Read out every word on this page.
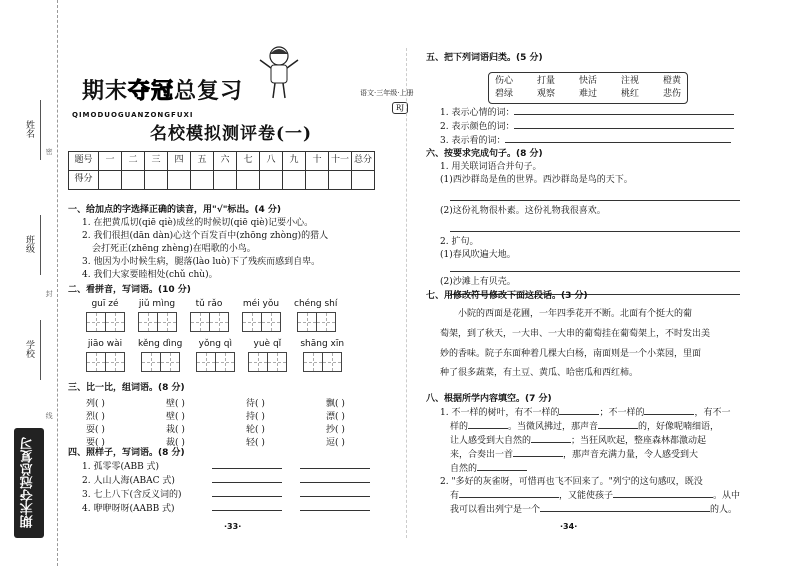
姓名
密
班级
封
学校
线
期末夺冠总复习
期末夺冠总复习
QIMODUOGUANZONGFUXI
语文·三年级·上册
RJ
名校模拟测评卷(一)
题号	一	二	三	四	五	六	七	八	九	十	十一	总分
得分												
一、给加点的字选择正确的读音，用"√"标出。(4 分)
1. 在把黄瓜切(qiē qiè)成丝的时候切(qiē qiè)记要小心。
2. 我们很担(dān dàn)心这个百发百中(zhōng zhòng)的猎人
会打死正(zhēng zhèng)在唱歌的小鸟。
3. 他因为小时候生病，腿落(lào luò)下了残疾而感到自卑。
4. 我们大家要睦相处(chǔ chù)。
二、看拼音，写词语。(10 分)
guī zé jiǔ mìng tǔ rǎo méi yǒu chéng shí
jiāo wài kěng dìng yǒng qì yuè qǐ shāng xīn
三、比一比，组词语。(8 分)
列( )	壁( )	待( )	飘( )
烈( )	壁( )	持( )	漂( )
耍( )	栽( )	轮( )	抄( )
要( )	裁( )	轻( )	逗( )
四、照样子，写词语。(8 分)
1. 孤零零(ABB 式)
2. 人山人海(ABAC 式)
3. 七上八下(含反义词的)
4. 咿咿呀呀(AABB 式)
·33·
五、把下列词语归类。(5 分)
伤心	打量	快活	注视	橙黄
碧绿	观察	难过	桃红	悲伤
1. 表示心情的词：
2. 表示颜色的词：
3. 表示看的词：
六、按要求完成句子。(8 分)
1. 用关联词语合并句子。
(1)西沙群岛是鱼的世界。西沙群岛是鸟的天下。
(2)这份礼物很朴素。这份礼物我很喜欢。
2. 扩句。
(1)春风吹遍大地。
(2)沙滩上有贝壳。
七、用修改符号修改下面这段话。(3 分)
小院的西面是花圃，一年四季花开不断。北面有个挺大的葡
萄架，到了秋天，一大串、一大串的葡萄挂在葡萄架上，不时发出美
妙的香味。院子东面种着几棵大白杨，南面则是一个小菜园，里面
种了很多蔬菜，有土豆、黄瓜、哈密瓜和西红柿。
八、根据所学内容填空。(7 分)
1. 不一样的树叶，有不一样的	；不一样的	，有不一
样的	。当微风拂过，那声音	的，好像呢喃细语，
让人感受到大自然的	；当狂风吹起，整座森林都激动起
来，合奏出一首	，那声音充满力量，令人感受到大
自然的
2. "多好的灰雀呀，可惜再也飞不回来了。"列宁的这句感叹，既没
有	，又能使孩子	。从中
我可以看出列宁是一个	的人。
·34·
